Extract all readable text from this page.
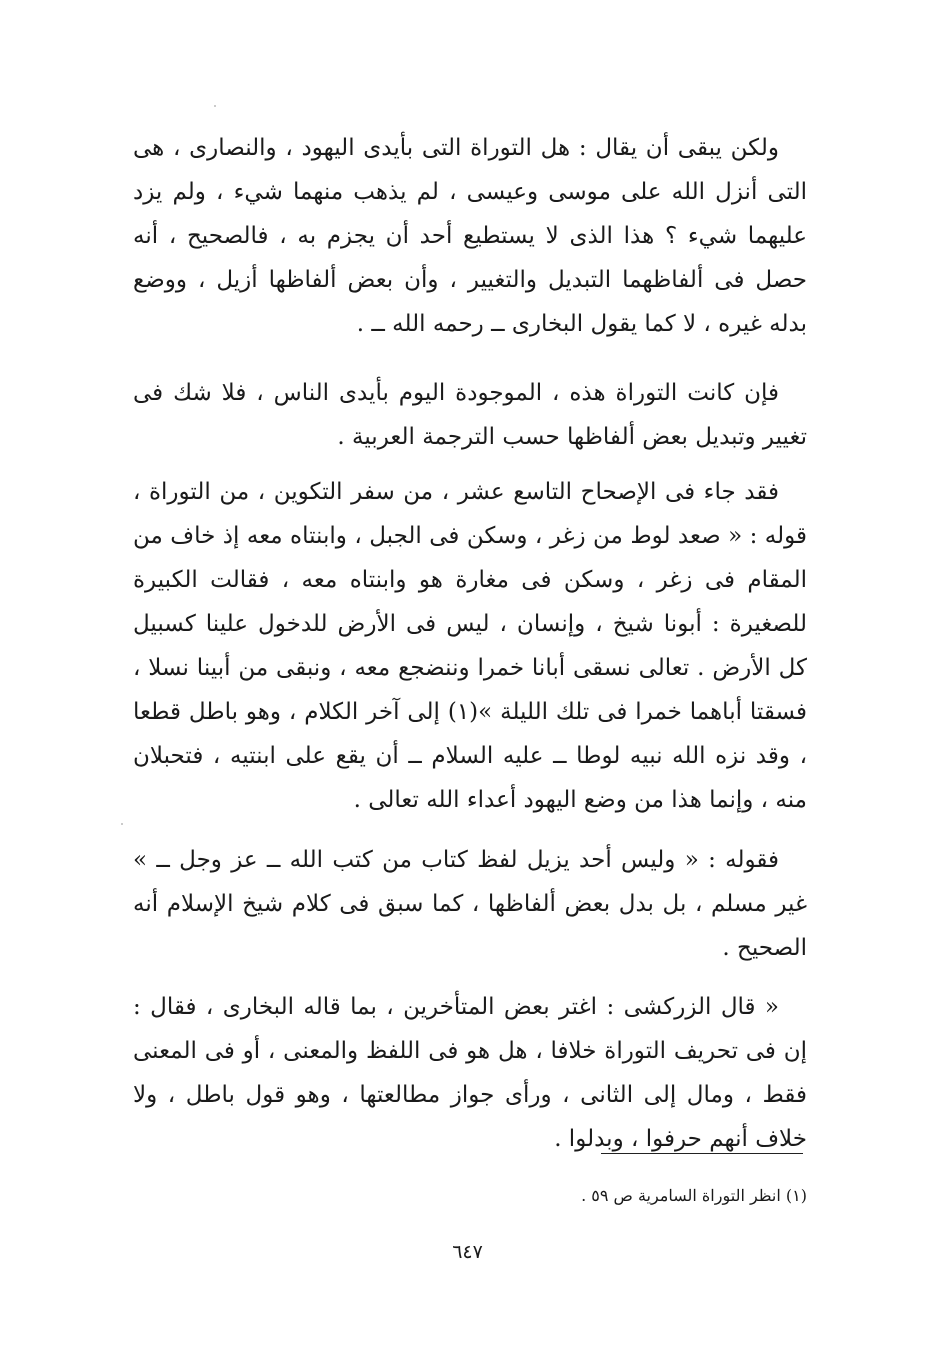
ولكن يبقى أن يقال : هل التوراة التى بأيدى اليهود ، والنصارى ، هى التى أنزل الله على موسى وعيسى ، لم يذهب منهما شيء ، ولم يزد عليهما شيء ؟ هذا الذى لا يستطيع أحد أن يجزم به ، فالصحيح ، أنه حصل فى ألفاظهما التبديل والتغيير ، وأن بعض ألفاظها أزيل ، ووضع بدله غيره ، لا كما يقول البخارى ــ رحمه الله ــ .

فإن كانت التوراة هذه ، الموجودة اليوم بأيدى الناس ، فلا شك فى تغيير وتبديل بعض ألفاظها حسب الترجمة العربية .

فقد جاء فى الإصحاح التاسع عشر ، من سفر التكوين ، من التوراة ، قوله : « صعد لوط من زغر ، وسكن فى الجبل ، وابنتاه معه إذ خاف من المقام فى زغر ، وسكن فى مغارة هو وابنتاه معه ، فقالت الكبيرة للصغيرة : أبونا شيخ ، وإنسان ، ليس فى الأرض للدخول علينا كسبيل كل الأرض . تعالى نسقى أبانا خمرا وننضجع معه ، ونبقى من أبينا نسلا ، فسقتا أباهما خمرا فى تلك الليلة »(١) إلى آخر الكلام ، وهو باطل قطعا ، وقد نزه الله نبيه لوطا ــ عليه السلام ــ أن يقع على ابنتيه ، فتحبلان منه ، وإنما هذا من وضع اليهود أعداء الله تعالى .

فقوله : « وليس أحد يزيل لفظ كتاب من كتب الله ــ عز وجل ــ » غير مسلم ، بل بدل بعض ألفاظها ، كما سبق فى كلام شيخ الإسلام أنه الصحيح .

« قال الزركشى : اغتر بعض المتأخرين ، بما قاله البخارى ، فقال : إن فى تحريف التوراة خلافا ، هل هو فى اللفظ والمعنى ، أو فى المعنى فقط ، ومال إلى الثانى ، ورأى جواز مطالعتها ، وهو قول باطل ، ولا خلاف أنهم حرفوا ، وبدلوا .

(١) انظر التوراة السامرية ص ٥٩ .
٦٤٧
